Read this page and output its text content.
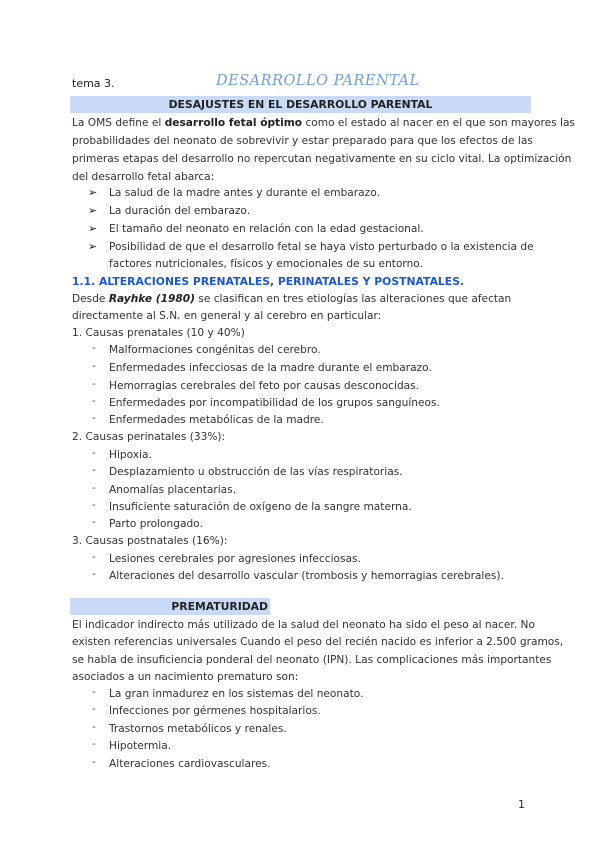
tema 3.	DESARROLLO PARENTAL
DESAJUSTES EN EL DESARROLLO PARENTAL
La OMS define el desarrollo fetal óptimo como el estado al nacer en el que son mayores las
probabilidades del neonato de sobrevivir y estar preparado para que los efectos de las
primeras etapas del desarrollo no repercutan negativamente en su ciclo vital. La optimización
del desarrollo fetal abarca:
➢ La salud de la madre antes y durante el embarazo.
➢ La duración del embarazo.
➢ El tamaño del neonato en relación con la edad gestacional.
➢ Posibilidad de que el desarrollo fetal se haya visto perturbado o la existencia de
factores nutricionales, físicos y emocionales de su entorno.
1.1. ALTERACIONES PRENATALES, PERINATALES Y POSTNATALES.
Desde Rayhke (1980) se clasifican en tres etiologías las alteraciones que afectan
directamente al S.N. en general y al cerebro en particular:
1. Causas prenatales (10 y 40%)
- Malformaciones congénitas del cerebro.
- Enfermedades infecciosas de la madre durante el embarazo.
- Hemorragias cerebrales del feto por causas desconocidas.
- Enfermedades por incompatibilidad de los grupos sanguíneos.
- Enfermedades metabólicas de la madre.
2. Causas perinatales (33%):
- Hipoxia.
- Desplazamiento u obstrucción de las vías respiratorias.
- Anomalías placentarias.
- Insuficiente saturación de oxígeno de la sangre materna.
- Parto prolongado.
3. Causas postnatales (16%):
- Lesiones cerebrales por agresiones infecciosas.
- Alteraciones del desarrollo vascular (trombosis y hemorragias cerebrales).
PREMATURIDAD
El indicador indirecto más utilizado de la salud del neonato ha sido el peso al nacer. No
existen referencias universales Cuando el peso del recién nacido es inferior a 2.500 gramos,
se habla de insuficiencia ponderal del neonato (IPN). Las complicaciones más importantes
asociados a un nacimiento prematuro son:
- La gran inmadurez en los sistemas del neonato.
- Infecciones por gérmenes hospitalarios.
- Trastornos metabólicos y renales.
- Hipotermia.
- Alteraciones cardiovasculares.
1
